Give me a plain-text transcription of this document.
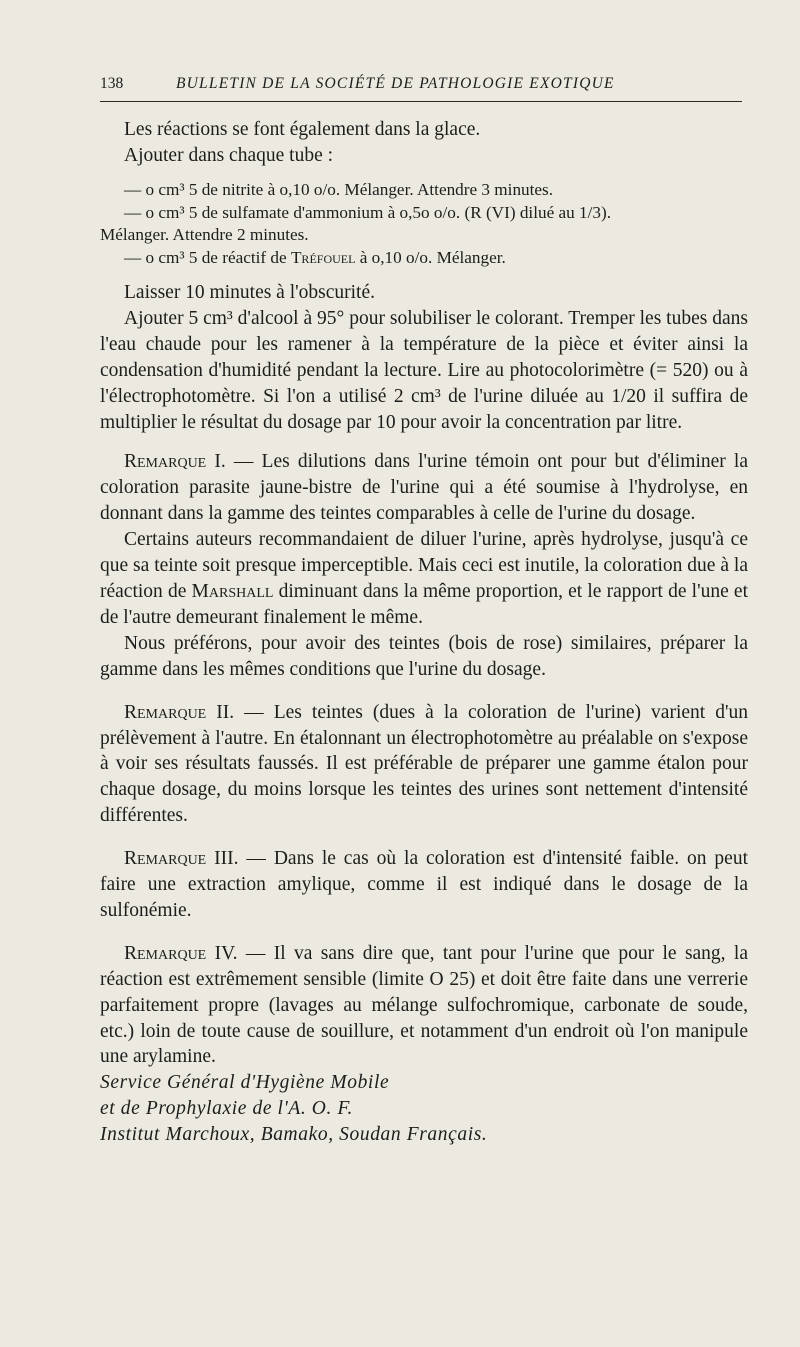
138	BULLETIN DE LA SOCIÉTÉ DE PATHOLOGIE EXOTIQUE

Les réactions se font également dans la glace.

Ajouter dans chaque tube :

— o cm³ 5 de nitrite à o,10 o/o. Mélanger. Attendre 3 minutes.

— o cm³ 5 de sulfamate d'ammonium à o,5o o/o. (R (VI) dilué au 1/3).

Mélanger. Attendre 2 minutes.

— o cm³ 5 de réactif de Tréfouel à o,10 o/o. Mélanger.

Laisser 10 minutes à l'obscurité.

Ajouter 5 cm³ d'alcool à 95° pour solubiliser le colorant. Tremper les tubes dans l'eau chaude pour les ramener à la température de la pièce et éviter ainsi la condensation d'humidité pendant la lecture. Lire au photocolorimètre (= 520) ou à l'électrophotomètre. Si l'on a utilisé 2 cm³ de l'urine diluée au 1/20 il suffira de multiplier le résultat du dosage par 10 pour avoir la concentration par litre.

Remarque I. — Les dilutions dans l'urine témoin ont pour but d'éliminer la coloration parasite jaune-bistre de l'urine qui a été soumise à l'hydrolyse, en donnant dans la gamme des teintes comparables à celle de l'urine du dosage.

Certains auteurs recommandaient de diluer l'urine, après hydrolyse, jusqu'à ce que sa teinte soit presque imperceptible. Mais ceci est inutile, la coloration due à la réaction de Marshall diminuant dans la même proportion, et le rapport de l'une et de l'autre demeurant finalement le même.

Nous préférons, pour avoir des teintes (bois de rose) similaires, préparer la gamme dans les mêmes conditions que l'urine du dosage.

Remarque II. — Les teintes (dues à la coloration de l'urine) varient d'un prélèvement à l'autre. En étalonnant un électrophotomètre au préalable on s'expose à voir ses résultats faussés. Il est préférable de préparer une gamme étalon pour chaque dosage, du moins lorsque les teintes des urines sont nettement d'intensité différentes.

Remarque III. — Dans le cas où la coloration est d'intensité faible. on peut faire une extraction amylique, comme il est indiqué dans le dosage de la sulfonémie.

Remarque IV. — Il va sans dire que, tant pour l'urine que pour le sang, la réaction est extrêmement sensible (limite O 25) et doit être faite dans une verrerie parfaitement propre (lavages au mélange sulfochromique, carbonate de soude, etc.) loin de toute cause de souillure, et notamment d'un endroit où l'on manipule une arylamine.

Service Général d'Hygiène Mobile

et de Prophylaxie de l'A. O. F.

Institut Marchoux, Bamako, Soudan Français.
